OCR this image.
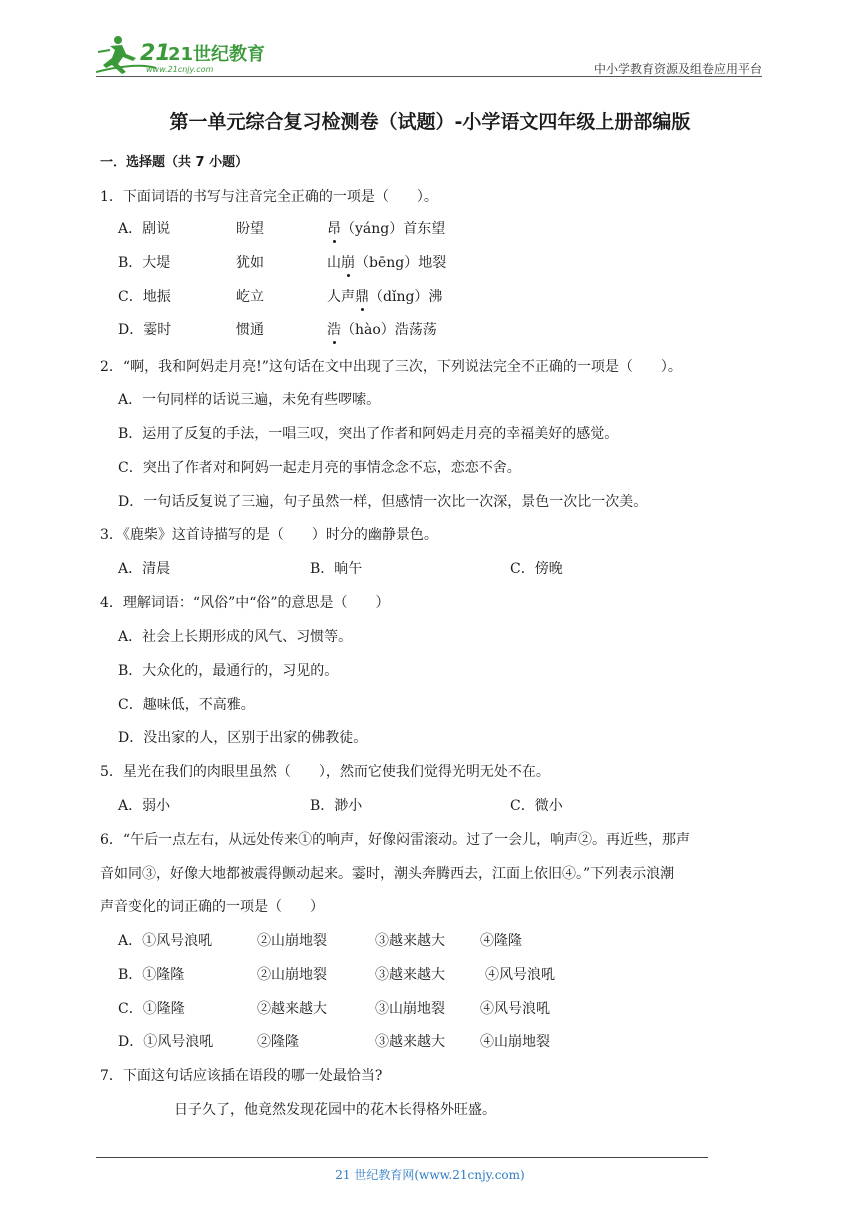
21
21世纪教育
www.21cnjy.com	中小学教育资源及组卷应用平台
第一单元综合复习检测卷（试题）-小学语文四年级上册部编版
一．选择题（共 7 小题）
1．下面词语的书写与注音完全正确的一项是（　　）。
A．剧说	盼望	昂（yáng）首东望
B．大堤	犹如	山崩（bēng）地裂
C．地振	屹立	人声鼎（dǐng）沸
D．霎时	惯通	浩（hào）浩荡荡
2．“啊，我和阿妈走月亮!”这句话在文中出现了三次，下列说法完全不正确的一项是（　　）。
A．一句同样的话说三遍，未免有些啰嗦。
B．运用了反复的手法，一唱三叹，突出了作者和阿妈走月亮的幸福美好的感觉。
C．突出了作者对和阿妈一起走月亮的事情念念不忘，恋恋不舍。
D．一句话反复说了三遍，句子虽然一样，但感情一次比一次深，景色一次比一次美。
3．《鹿柴》这首诗描写的是（　　）时分的幽静景色。
A．清晨	B．晌午	C．傍晚
4．理解词语：“风俗”中“俗”的意思是（　　）
A．社会上长期形成的风气、习惯等。
B．大众化的，最通行的，习见的。
C．趣味低，不高雅。
D．没出家的人，区别于出家的佛教徒。
5．星光在我们的肉眼里虽然（　　），然而它使我们觉得光明无处不在。
A．弱小	B．渺小	C．微小
6．“午后一点左右，从远处传来①的响声，好像闷雷滚动。过了一会儿，响声②。再近些，那声
音如同③，好像大地都被震得颤动起来。霎时，潮头奔腾西去，江面上依旧④。”下列表示浪潮
声音变化的词正确的一项是（　　）
A．①风号浪吼	②山崩地裂	③越来越大	④隆隆
B．①隆隆	②山崩地裂	③越来越大	④风号浪吼
C．①隆隆	②越来越大	③山崩地裂	④风号浪吼
D．①风号浪吼	②隆隆	③越来越大	④山崩地裂
7．下面这句话应该插在语段的哪一处最恰当?
日子久了，他竟然发现花园中的花木长得格外旺盛。
21 世纪教育网(www.21cnjy.com)
